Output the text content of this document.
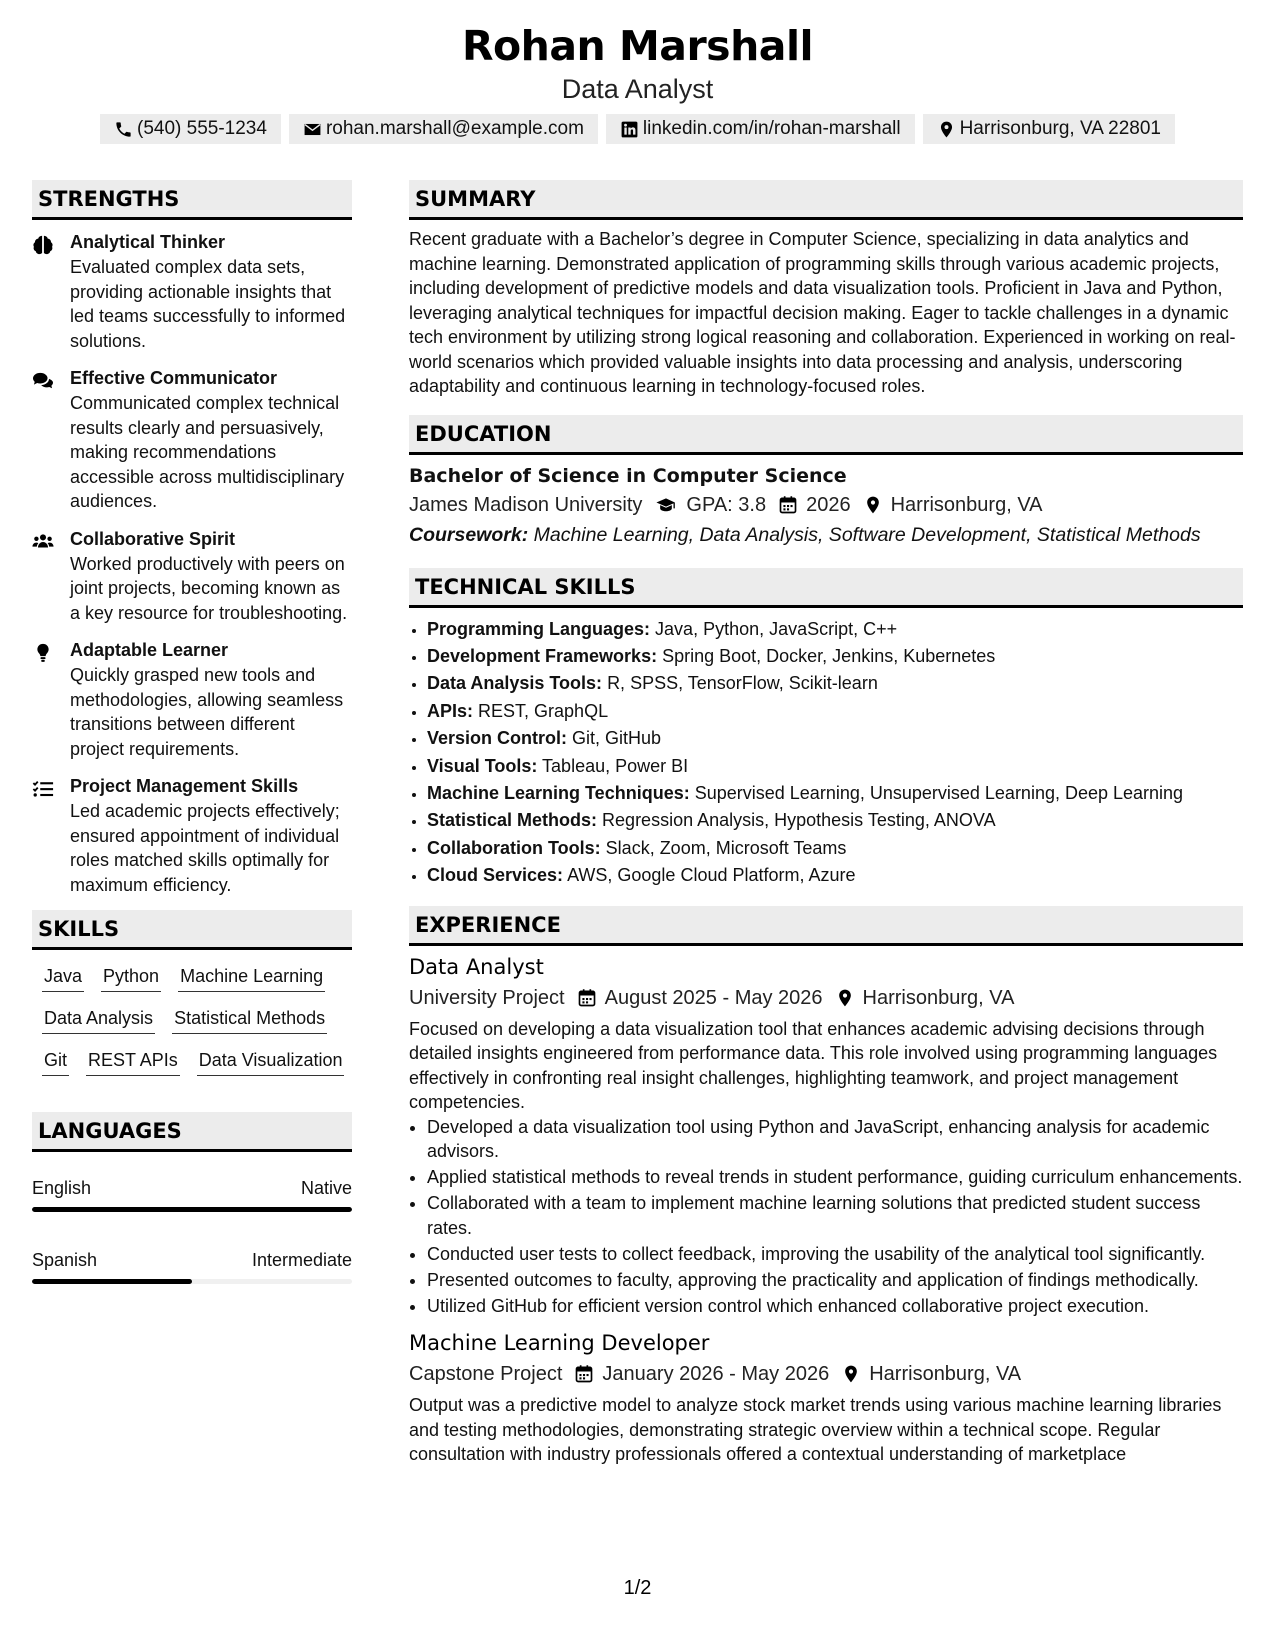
Rohan Marshall
Data Analyst
(540) 555-1234	rohan.marshall@example.com	linkedin.com/in/rohan-marshall	Harrisonburg, VA 22801
STRENGTHS
Analytical Thinker
Evaluated complex data sets, providing actionable insights that led teams successfully to informed solutions.
Effective Communicator
Communicated complex technical results clearly and persuasively, making recommendations accessible across multidisciplinary audiences.
Collaborative Spirit
Worked productively with peers on joint projects, becoming known as a key resource for troubleshooting.
Adaptable Learner
Quickly grasped new tools and methodologies, allowing seamless transitions between different project requirements.
Project Management Skills
Led academic projects effectively; ensured appointment of individual roles matched skills optimally for maximum efficiency.
SKILLS
Java Python Machine Learning
Data Analysis Statistical Methods
Git REST APIs Data Visualization
LANGUAGES
English	Native
Spanish	Intermediate
SUMMARY
Recent graduate with a Bachelor’s degree in Computer Science, specializing in data analytics and machine learning. Demonstrated application of programming skills through various academic projects, including development of predictive models and data visualization tools. Proficient in Java and Python, leveraging analytical techniques for impactful decision making. Eager to tackle challenges in a dynamic tech environment by utilizing strong logical reasoning and collaboration. Experienced in working on real-world scenarios which provided valuable insights into data processing and analysis, underscoring adaptability and continuous learning in technology-focused roles.
EDUCATION
Bachelor of Science in Computer Science
James Madison University GPA: 3.8 2026 Harrisonburg, VA
Coursework: Machine Learning, Data Analysis, Software Development, Statistical Methods
TECHNICAL SKILLS
• Programming Languages: Java, Python, JavaScript, C++
• Development Frameworks: Spring Boot, Docker, Jenkins, Kubernetes
• Data Analysis Tools: R, SPSS, TensorFlow, Scikit-learn
• APIs: REST, GraphQL
• Version Control: Git, GitHub
• Visual Tools: Tableau, Power BI
• Machine Learning Techniques: Supervised Learning, Unsupervised Learning, Deep Learning
• Statistical Methods: Regression Analysis, Hypothesis Testing, ANOVA
• Collaboration Tools: Slack, Zoom, Microsoft Teams
• Cloud Services: AWS, Google Cloud Platform, Azure
EXPERIENCE
Data Analyst
University Project August 2025 - May 2026 Harrisonburg, VA
Focused on developing a data visualization tool that enhances academic advising decisions through detailed insights engineered from performance data. This role involved using programming languages effectively in confronting real insight challenges, highlighting teamwork, and project management competencies.
• Developed a data visualization tool using Python and JavaScript, enhancing analysis for academic advisors.
• Applied statistical methods to reveal trends in student performance, guiding curriculum enhancements.
• Collaborated with a team to implement machine learning solutions that predicted student success rates.
• Conducted user tests to collect feedback, improving the usability of the analytical tool significantly.
• Presented outcomes to faculty, approving the practicality and application of findings methodically.
• Utilized GitHub for efficient version control which enhanced collaborative project execution.
Machine Learning Developer
Capstone Project January 2026 - May 2026 Harrisonburg, VA
Output was a predictive model to analyze stock market trends using various machine learning libraries and testing methodologies, demonstrating strategic overview within a technical scope. Regular consultation with industry professionals offered a contextual understanding of marketplace
1/2
